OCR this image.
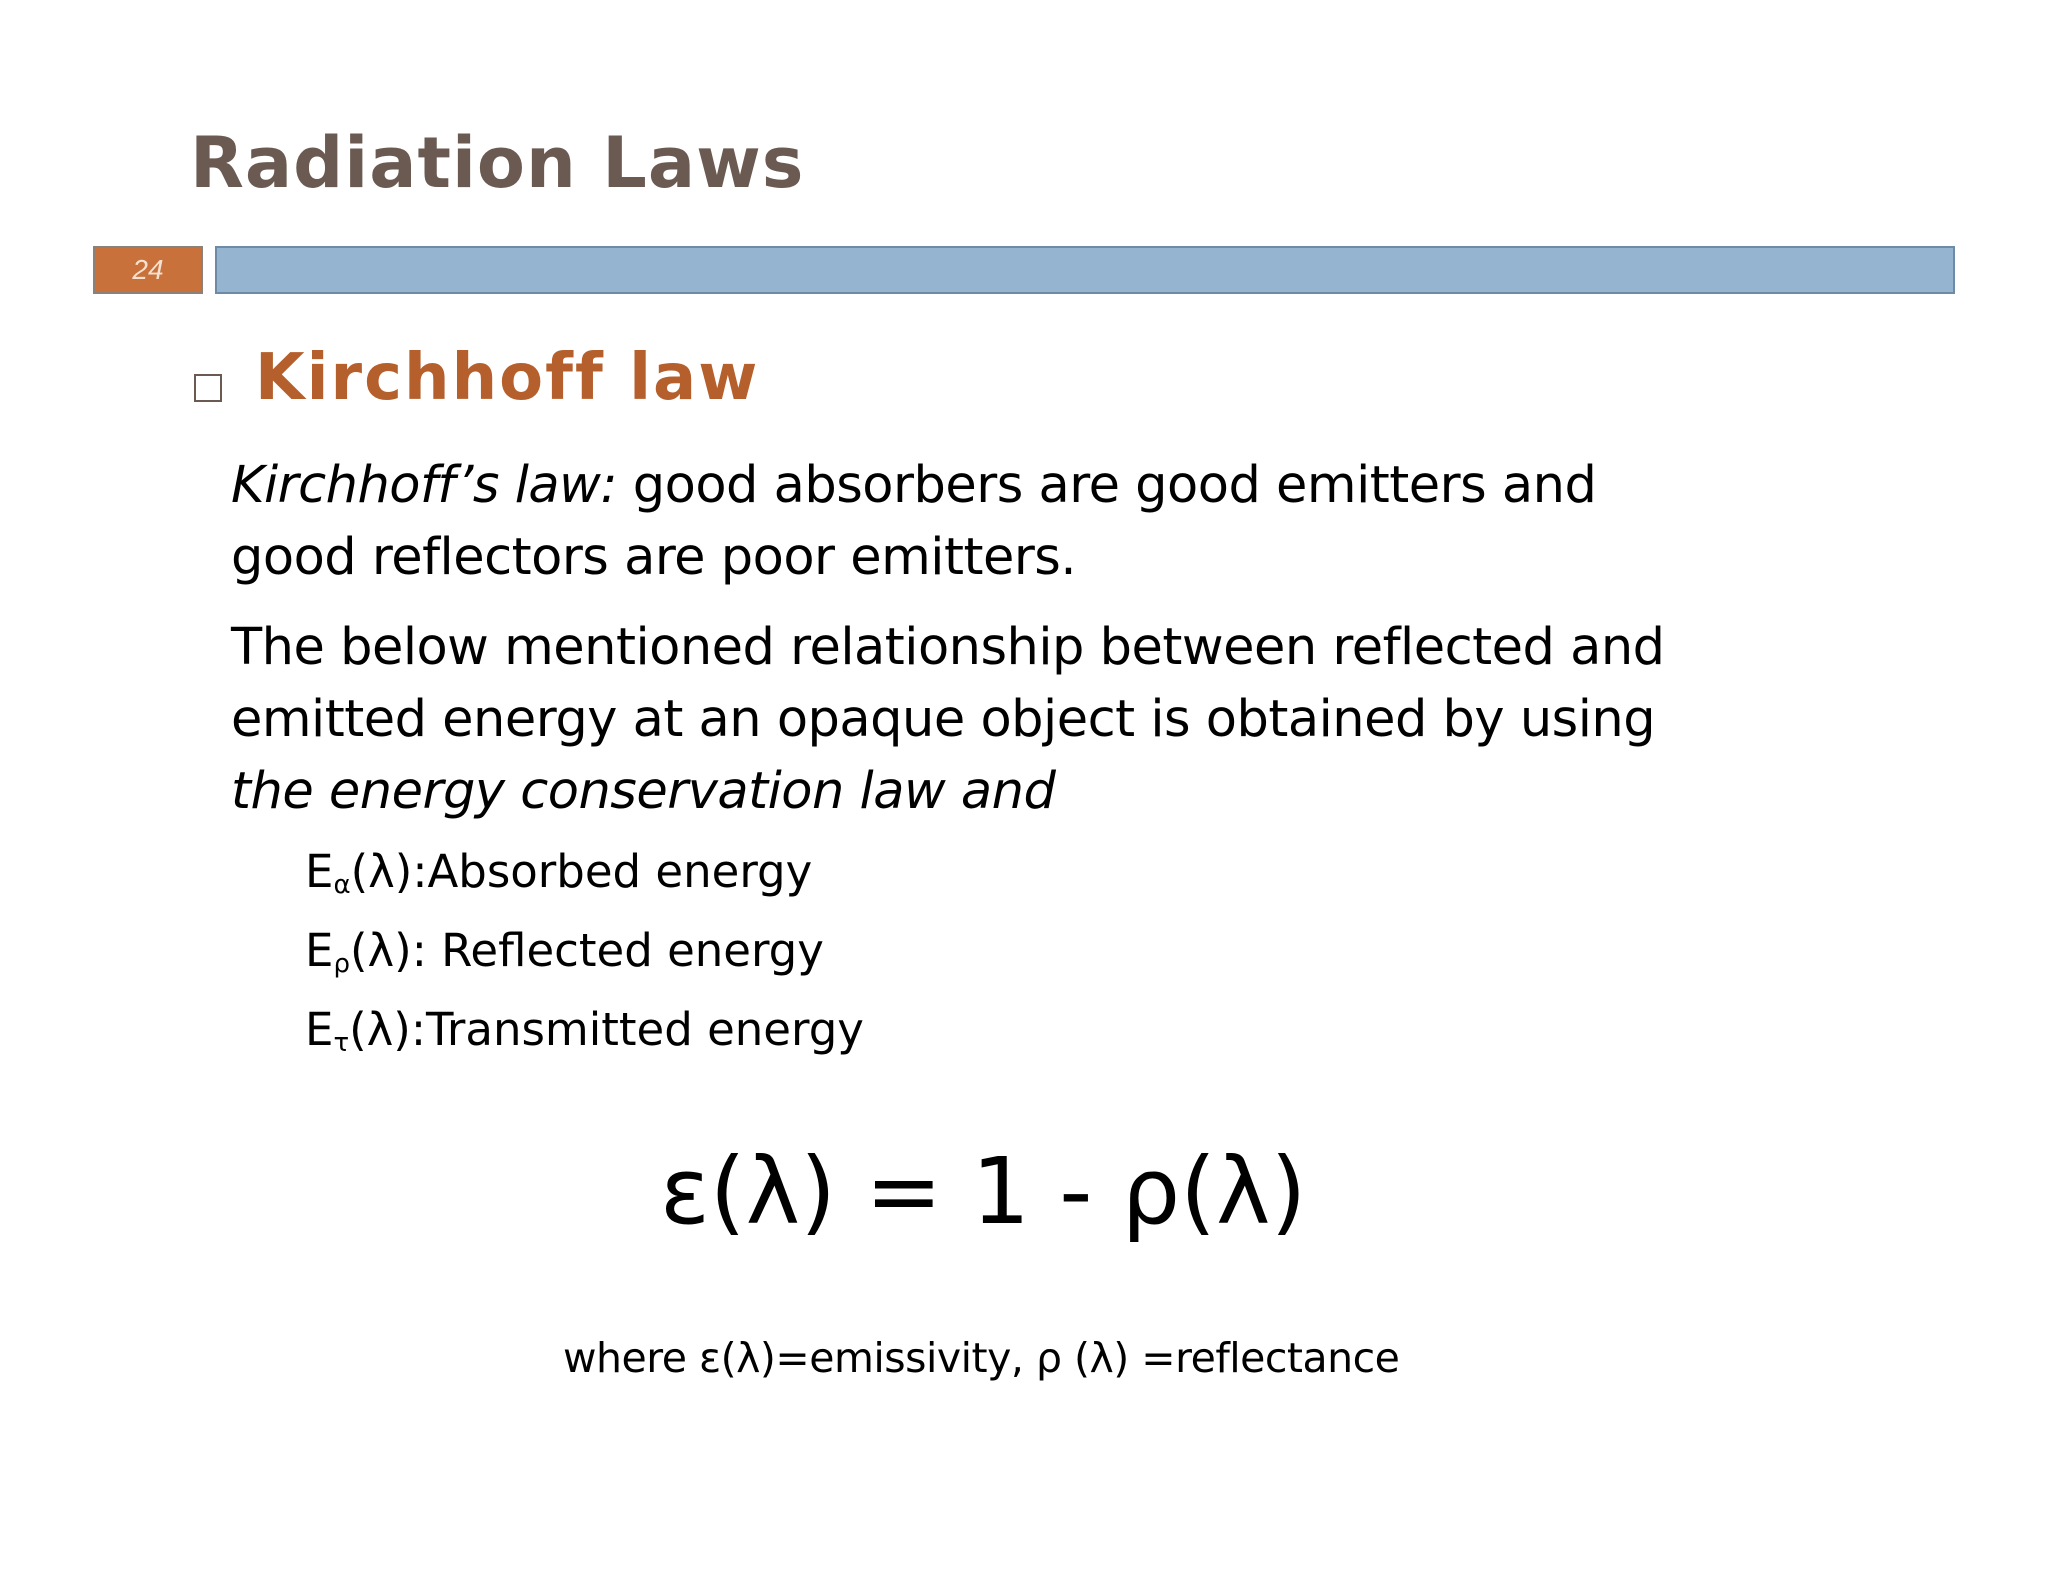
Radiation Laws
24
Kirchhoff law
Kirchhoff’s law: good absorbers are good emitters and
good reflectors are poor emitters.
The below mentioned relationship between reflected and
emitted energy at an opaque object is obtained by using
the energy conservation law and
$E_\alpha(\lambda):Absorbed$ energy
$E_\rho(\lambda)$: Reflected energy
$E_\tau(\lambda):Transmitted$ energy
ε(λ) = 1 - ρ(λ)
where ε(λ)=emissivity, ρ (λ) =reflectance
